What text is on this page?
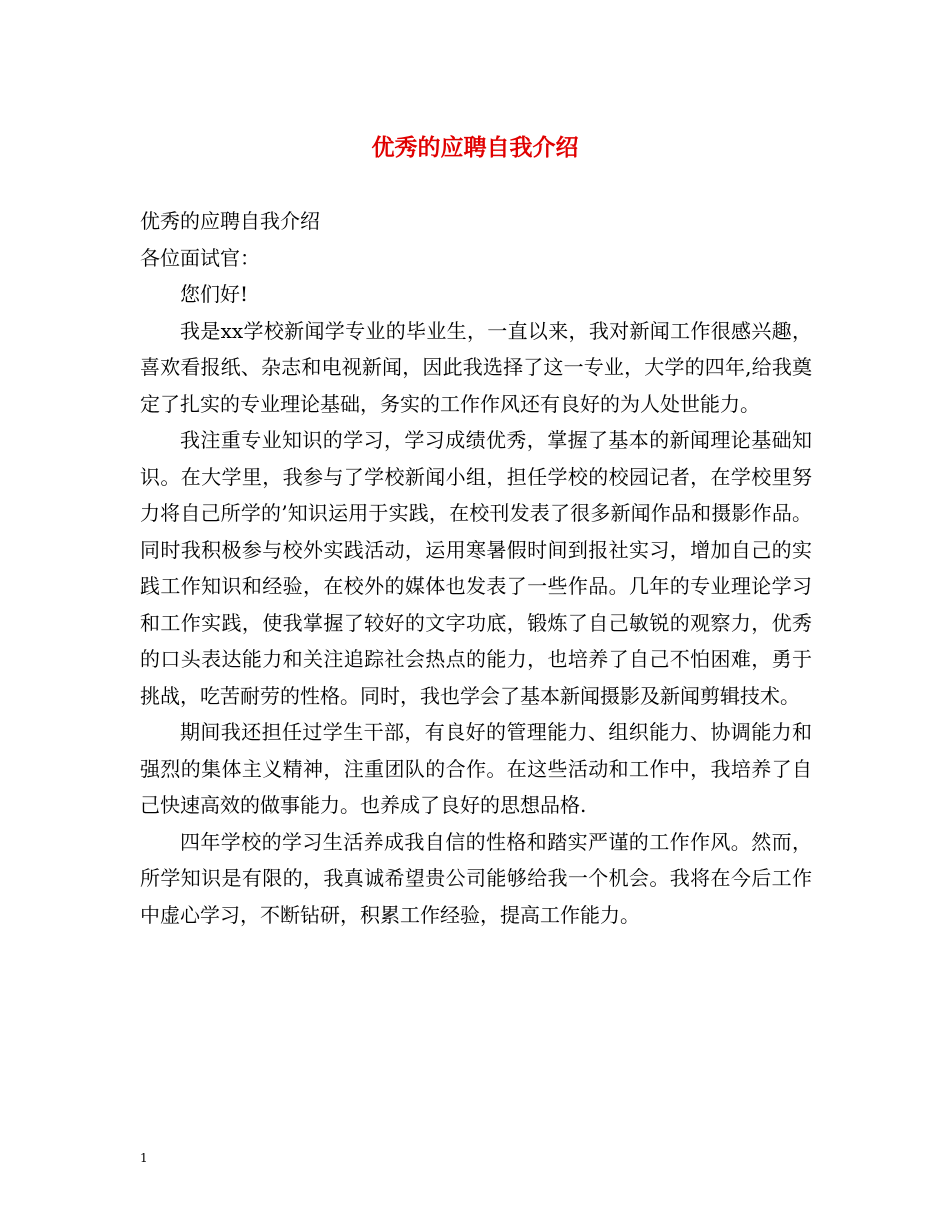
优秀的应聘自我介绍

优秀的应聘自我介绍

各位面试官：

您们好!

我是xx学校新闻学专业的毕业生，一直以来，我对新闻工作很感兴趣，喜欢看报纸、杂志和电视新闻，因此我选择了这一专业，大学的四年,给我奠定了扎实的专业理论基础，务实的工作作风还有良好的为人处世能力。

我注重专业知识的学习，学习成绩优秀，掌握了基本的新闻理论基础知识。在大学里，我参与了学校新闻小组，担任学校的校园记者，在学校里努力将自己所学的’知识运用于实践，在校刊发表了很多新闻作品和摄影作品。同时我积极参与校外实践活动，运用寒暑假时间到报社实习，增加自己的实践工作知识和经验，在校外的媒体也发表了一些作品。几年的专业理论学习和工作实践，使我掌握了较好的文字功底，锻炼了自己敏锐的观察力，优秀的口头表达能力和关注追踪社会热点的能力，也培养了自己不怕困难，勇于挑战，吃苦耐劳的性格。同时，我也学会了基本新闻摄影及新闻剪辑技术。

期间我还担任过学生干部，有良好的管理能力、组织能力、协调能力和强烈的集体主义精神，注重团队的合作。在这些活动和工作中，我培养了自己快速高效的做事能力。也养成了良好的思想品格.

四年学校的学习生活养成我自信的性格和踏实严谨的工作作风。然而，所学知识是有限的，我真诚希望贵公司能够给我一个机会。我将在今后工作中虚心学习，不断钻研，积累工作经验，提高工作能力。

1
